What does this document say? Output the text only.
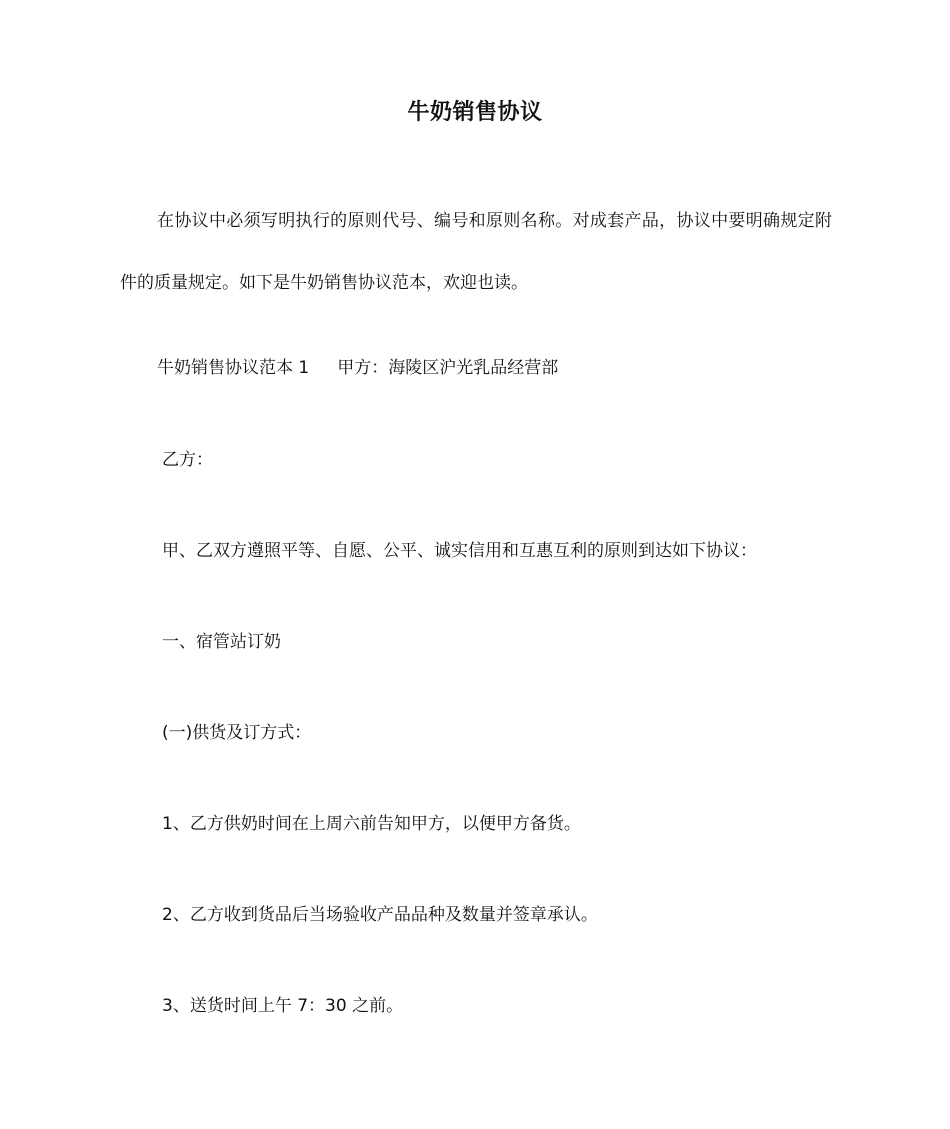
牛奶销售协议
在协议中必须写明执行的原则代号、编号和原则名称。对成套产品，协议中要明确规定附件的质量规定。如下是牛奶销售协议范本，欢迎也读。
牛奶销售协议范本 1 甲方：海陵区沪光乳品经营部
乙方：
甲、乙双方遵照平等、自愿、公平、诚实信用和互惠互利的原则到达如下协议：
一、宿管站订奶
(一)供货及订方式：
1、乙方供奶时间在上周六前告知甲方，以便甲方备货。
2、乙方收到货品后当场验收产品品种及数量并签章承认。
3、送货时间上午 7：30 之前。
